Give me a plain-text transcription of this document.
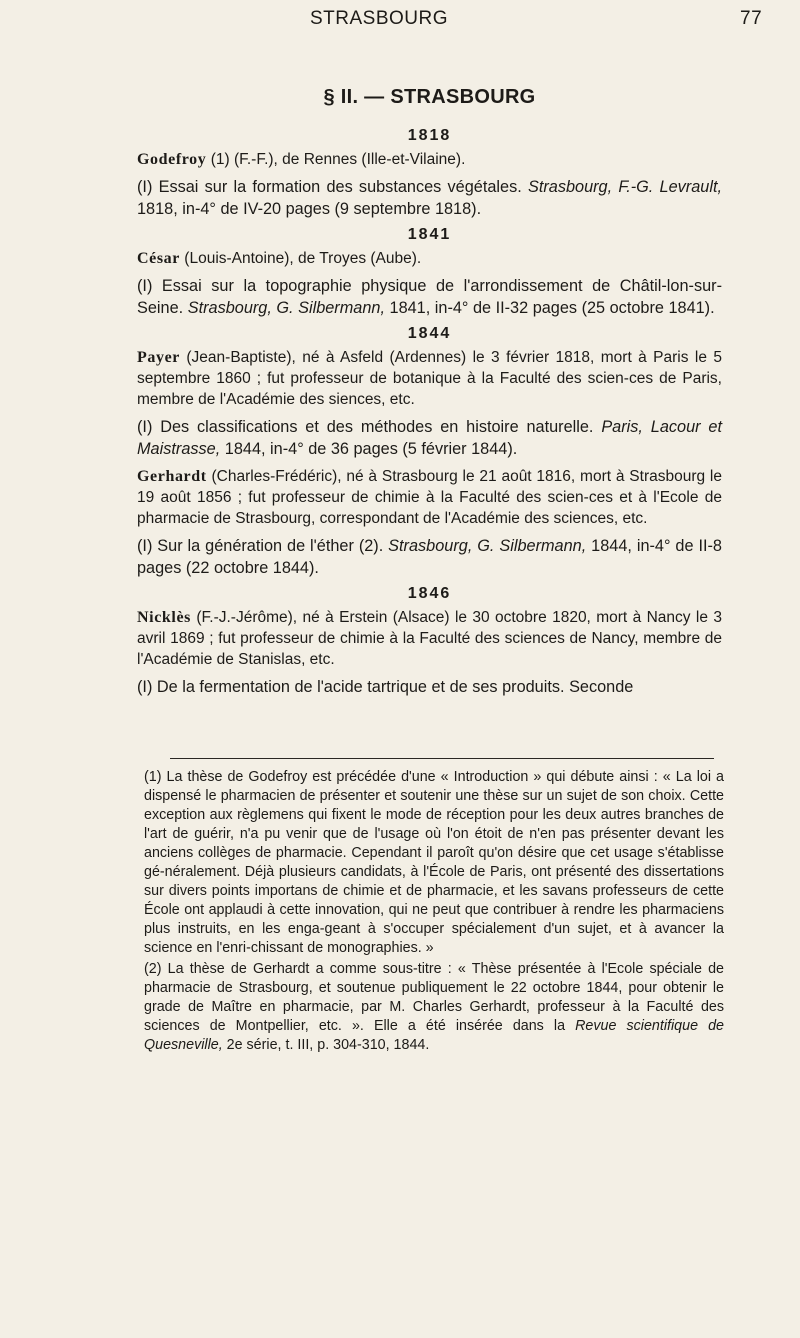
STRASBOURG	77
§ II. — STRASBOURG
1818

Godefroy (1) (F.-F.), de Rennes (Ille-et-Vilaine).

(I) Essai sur la formation des substances végétales. Strasbourg, F.-G. Levrault, 1818, in-4° de IV-20 pages (9 septembre 1818).

1841

César (Louis-Antoine), de Troyes (Aube).

(I) Essai sur la topographie physique de l'arrondissement de Châtil-lon-sur-Seine. Strasbourg, G. Silbermann, 1841, in-4° de II-32 pages (25 octobre 1841).

1844

Payer (Jean-Baptiste), né à Asfeld (Ardennes) le 3 février 1818, mort à Paris le 5 septembre 1860 ; fut professeur de botanique à la Faculté des scien-ces de Paris, membre de l'Académie des siences, etc.

(I) Des classifications et des méthodes en histoire naturelle. Paris, Lacour et Maistrasse, 1844, in-4° de 36 pages (5 février 1844).

Gerhardt (Charles-Frédéric), né à Strasbourg le 21 août 1816, mort à Strasbourg le 19 août 1856 ; fut professeur de chimie à la Faculté des scien-ces et à l'Ecole de pharmacie de Strasbourg, correspondant de l'Académie des sciences, etc.

(I) Sur la génération de l'éther (2). Strasbourg, G. Silbermann, 1844, in-4° de II-8 pages (22 octobre 1844).

1846

Nicklès (F.-J.-Jérôme), né à Erstein (Alsace) le 30 octobre 1820, mort à Nancy le 3 avril 1869 ; fut professeur de chimie à la Faculté des sciences de Nancy, membre de l'Académie de Stanislas, etc.

(I) De la fermentation de l'acide tartrique et de ses produits. Seconde

(1) La thèse de Godefroy est précédée d'une « Introduction » qui débute ainsi : « La loi a dispensé le pharmacien de présenter et soutenir une thèse sur un sujet de son choix. Cette exception aux règlemens qui fixent le mode de réception pour les deux autres branches de l'art de guérir, n'a pu venir que de l'usage où l'on étoit de n'en pas présenter devant les anciens collèges de pharmacie. Cependant il paroît qu'on désire que cet usage s'établisse gé-néralement. Déjà plusieurs candidats, à l'École de Paris, ont présenté des dissertations sur divers points importans de chimie et de pharmacie, et les savans professeurs de cette École ont applaudi à cette innovation, qui ne peut que contribuer à rendre les pharmaciens plus instruits, en les enga-geant à s'occuper spécialement d'un sujet, et à avancer la science en l'enri-chissant de monographies. »

(2) La thèse de Gerhardt a comme sous-titre : « Thèse présentée à l'Ecole spéciale de pharmacie de Strasbourg, et soutenue publiquement le 22 octobre 1844, pour obtenir le grade de Maître en pharmacie, par M. Charles Gerhardt, professeur à la Faculté des sciences de Montpellier, etc. ». Elle a été insérée dans la Revue scientifique de Quesneville, 2e série, t. III, p. 304-310, 1844.
